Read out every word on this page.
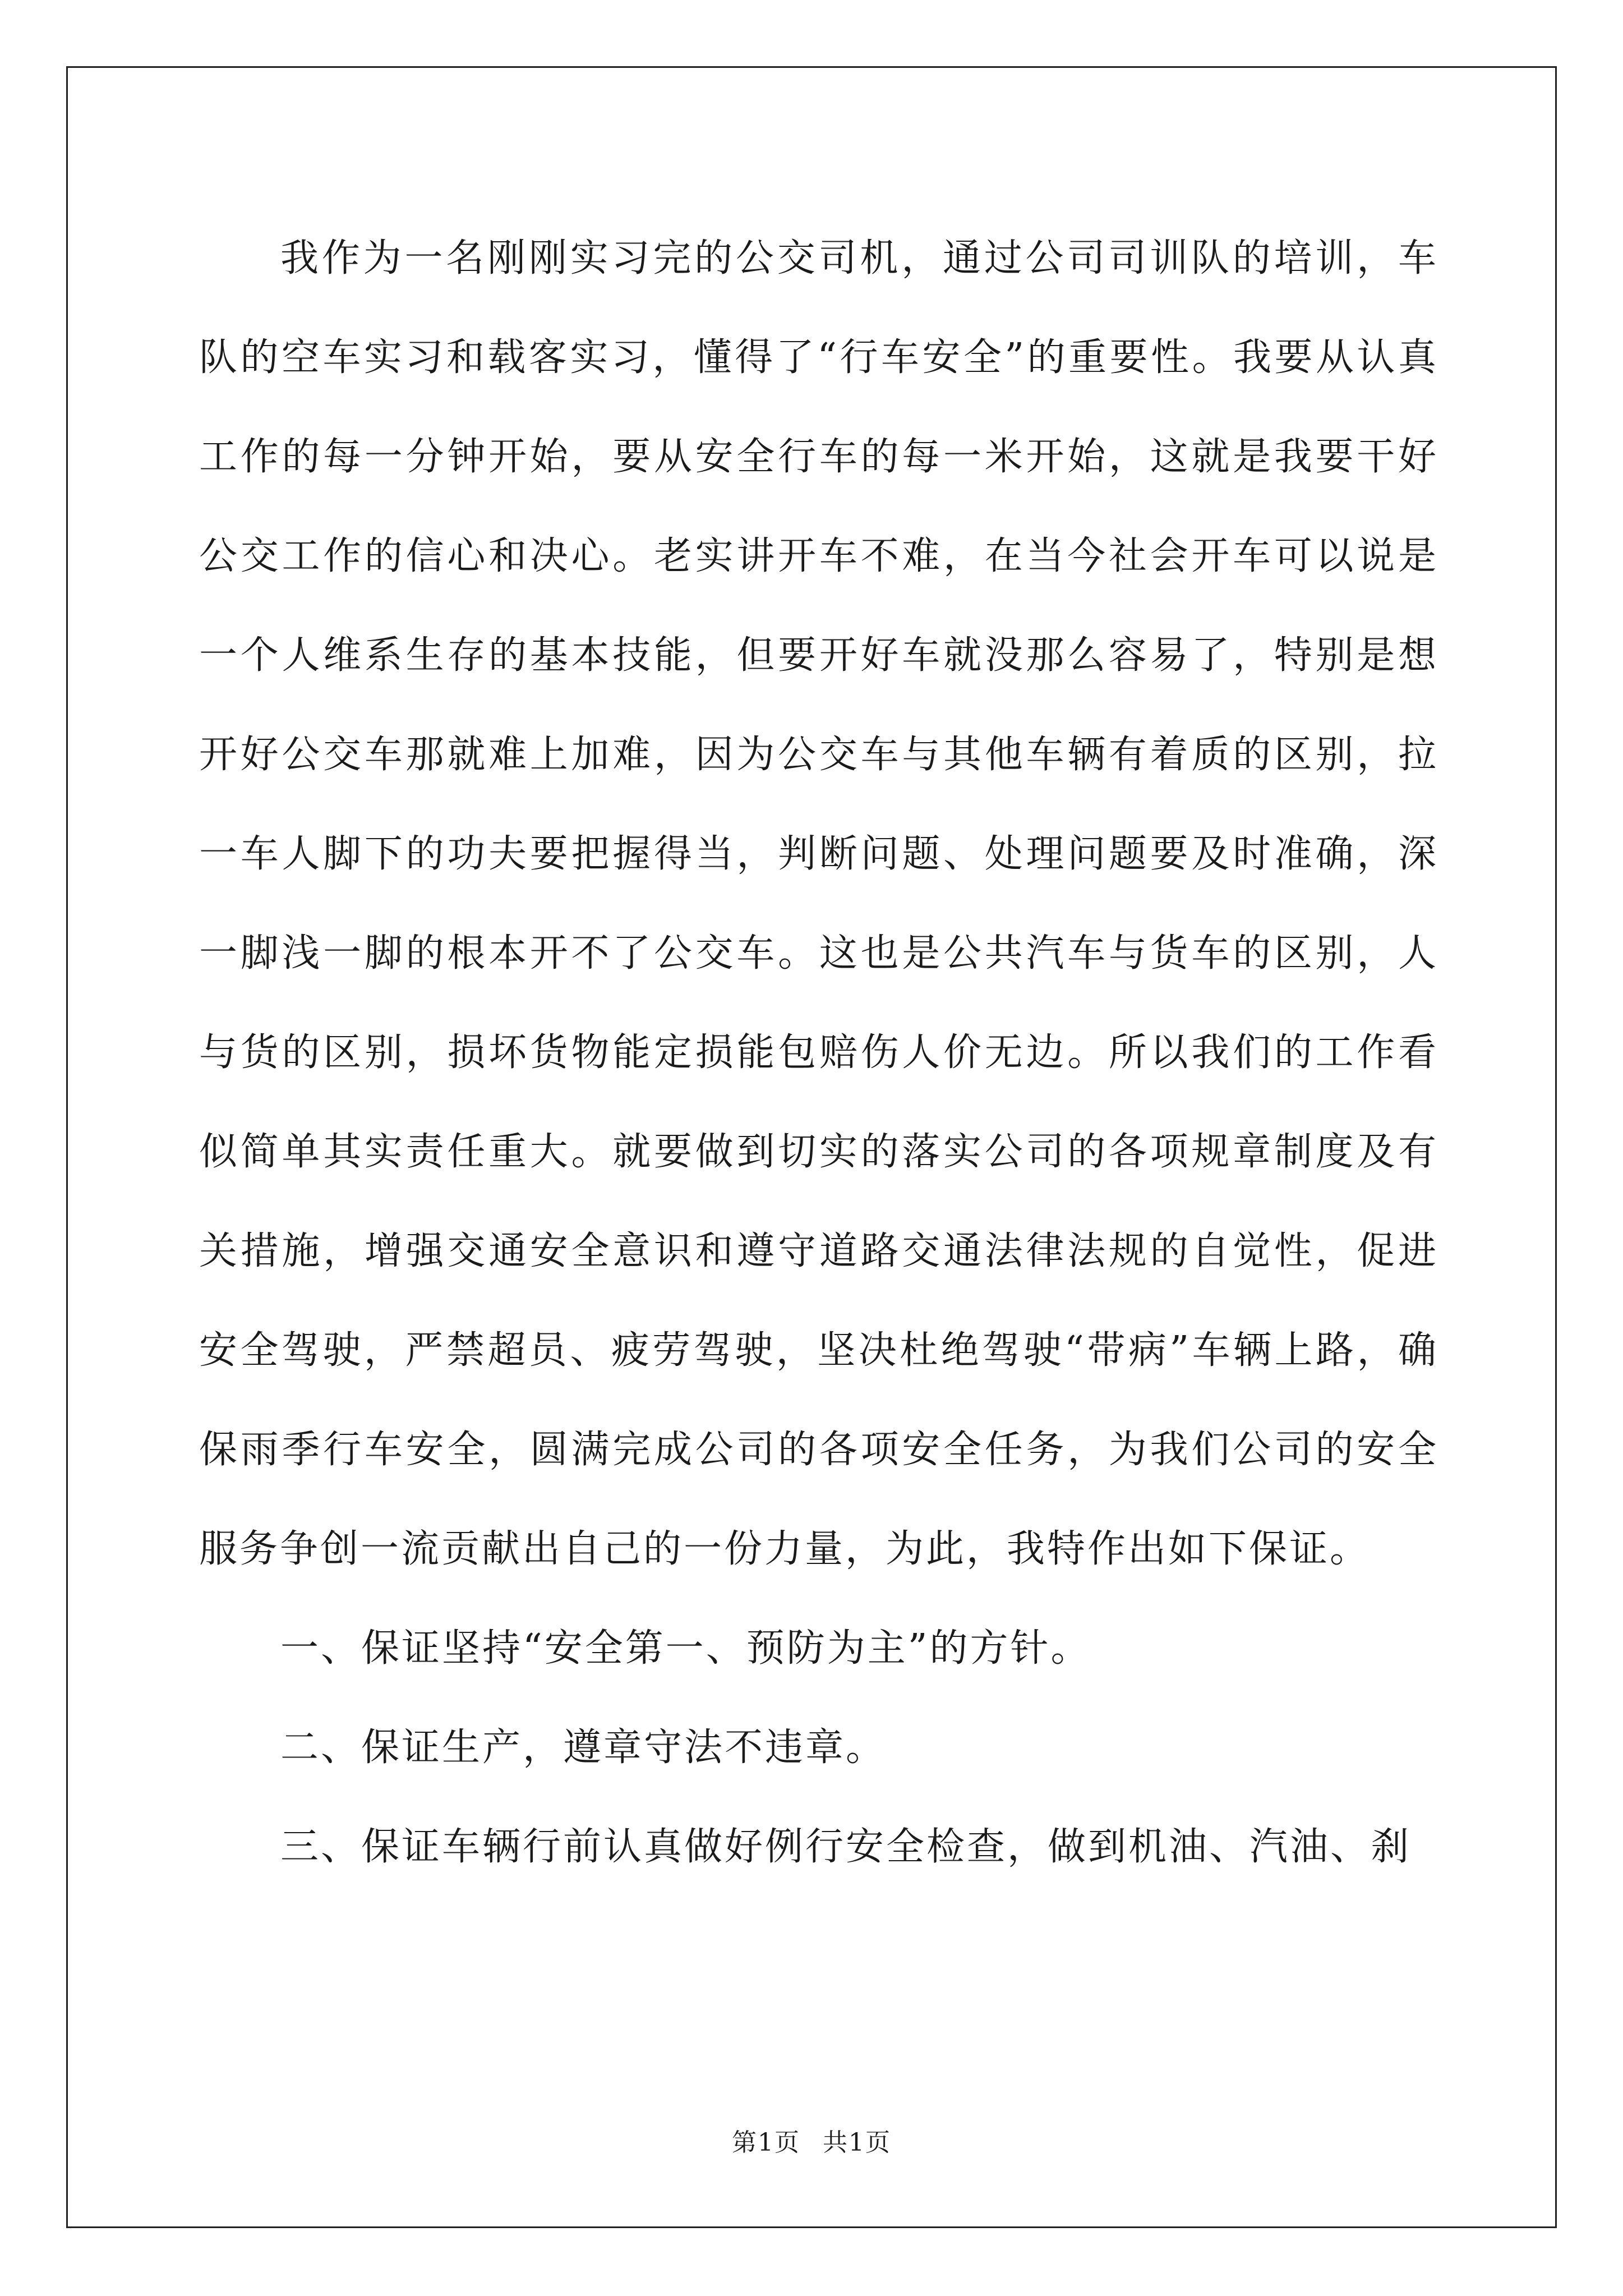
我作为一名刚刚实习完的公交司机，通过公司司训队的培训，车队的空车实习和载客实习，懂得了“行车安全”的重要性。我要从认真工作的每一分钟开始，要从安全行车的每一米开始，这就是我要干好公交工作的信心和决心。老实讲开车不难，在当今社会开车可以说是一个人维系生存的基本技能，但要开好车就没那么容易了，特别是想开好公交车那就难上加难，因为公交车与其他车辆有着质的区别，拉一车人脚下的功夫要把握得当，判断问题、处理问题要及时准确，深一脚浅一脚的根本开不了公交车。这也是公共汽车与货车的区别，人与货的区别，损坏货物能定损能包赔伤人价无边。所以我们的工作看似简单其实责任重大。就要做到切实的落实公司的各项规章制度及有关措施，增强交通安全意识和遵守道路交通法律法规的自觉性，促进安全驾驶，严禁超员、疲劳驾驶，坚决杜绝驾驶“带病”车辆上路，确保雨季行车安全，圆满完成公司的各项安全任务，为我们公司的安全服务争创一流贡献出自己的一份力量，为此，我特作出如下保证。

一、保证坚持“安全第一、预防为主”的方针。

二、保证生产，遵章守法不违章。

三、保证车辆行前认真做好例行安全检查，做到机油、汽油、刹

第1页 共1页
